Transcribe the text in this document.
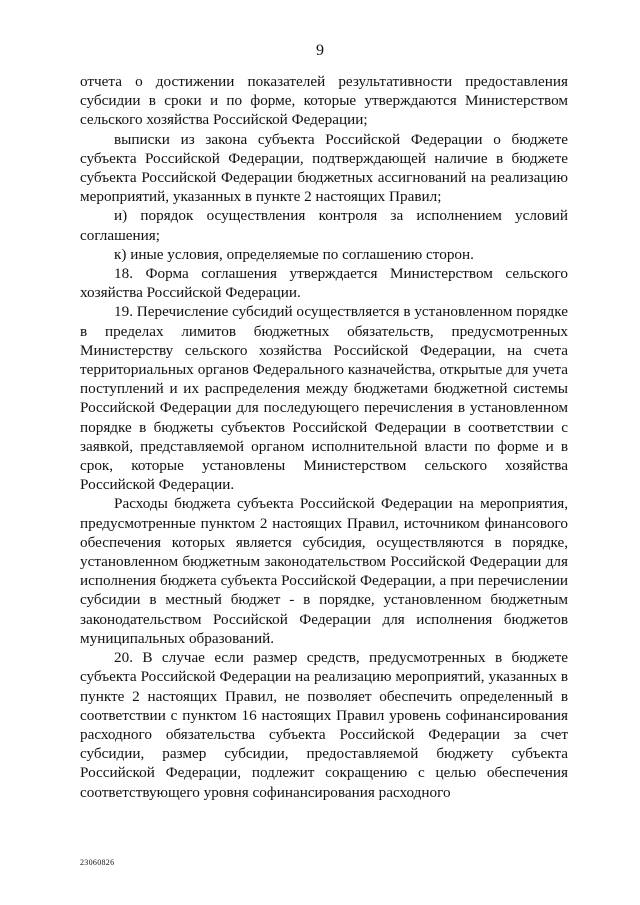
9

отчета о достижении показателей результативности предоставления субсидии в сроки и по форме, которые утверждаются Министерством сельского хозяйства Российской Федерации;

выписки из закона субъекта Российской Федерации о бюджете субъекта Российской Федерации, подтверждающей наличие в бюджете субъекта Российской Федерации бюджетных ассигнований на реализацию мероприятий, указанных в пункте 2 настоящих Правил;

и) порядок осуществления контроля за исполнением условий соглашения;

к) иные условия, определяемые по соглашению сторон.

18. Форма соглашения утверждается Министерством сельского хозяйства Российской Федерации.

19. Перечисление субсидий осуществляется в установленном порядке в пределах лимитов бюджетных обязательств, предусмотренных Министерству сельского хозяйства Российской Федерации, на счета территориальных органов Федерального казначейства, открытые для учета поступлений и их распределения между бюджетами бюджетной системы Российской Федерации для последующего перечисления в установленном порядке в бюджеты субъектов Российской Федерации в соответствии с заявкой, представляемой органом исполнительной власти по форме и в срок, которые установлены Министерством сельского хозяйства Российской Федерации.

Расходы бюджета субъекта Российской Федерации на мероприятия, предусмотренные пунктом 2 настоящих Правил, источником финансового обеспечения которых является субсидия, осуществляются в порядке, установленном бюджетным законодательством Российской Федерации для исполнения бюджета субъекта Российской Федерации, а при перечислении субсидии в местный бюджет - в порядке, установленном бюджетным законодательством Российской Федерации для исполнения бюджетов муниципальных образований.

20. В случае если размер средств, предусмотренных в бюджете субъекта Российской Федерации на реализацию мероприятий, указанных в пункте 2 настоящих Правил, не позволяет обеспечить определенный в соответствии с пунктом 16 настоящих Правил уровень софинансирования расходного обязательства субъекта Российской Федерации за счет субсидии, размер субсидии, предоставляемой бюджету субъекта Российской Федерации, подлежит сокращению с целью обеспечения соответствующего уровня софинансирования расходного

23060826
